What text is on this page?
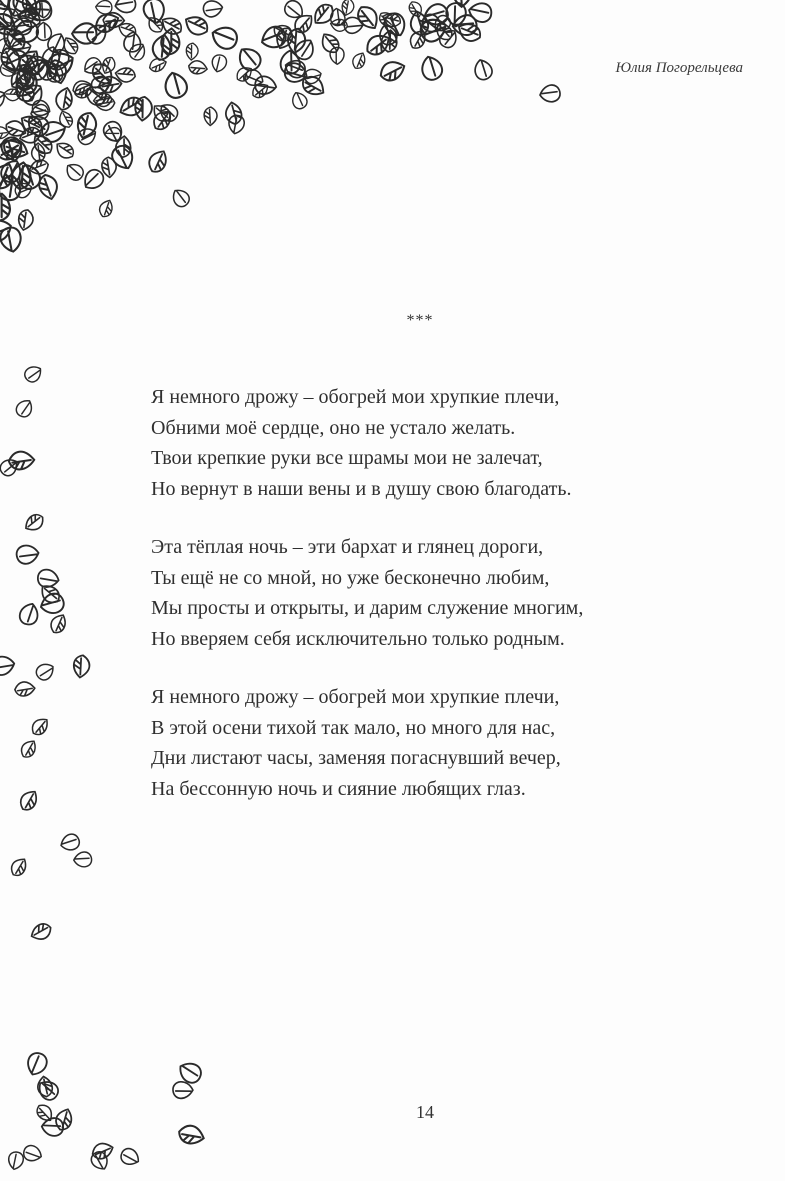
Юлия Погорельцева
***
Я немного дрожу – обогрей мои хрупкие плечи,
Обними моё сердце, оно не устало желать.
Твои крепкие руки все шрамы мои не залечат,
Но вернут в наши вены и в душу свою благодать.
Эта тёплая ночь – эти бархат и глянец дороги,
Ты ещё не со мной, но уже бесконечно любим,
Мы просты и открыты, и дарим служение многим,
Но вверяем себя исключительно только родным.
Я немного дрожу – обогрей мои хрупкие плечи,
В этой осени тихой так мало, но много для нас,
Дни листают часы, заменяя погаснувший вечер,
На бессонную ночь и сияние любящих глаз.
14
